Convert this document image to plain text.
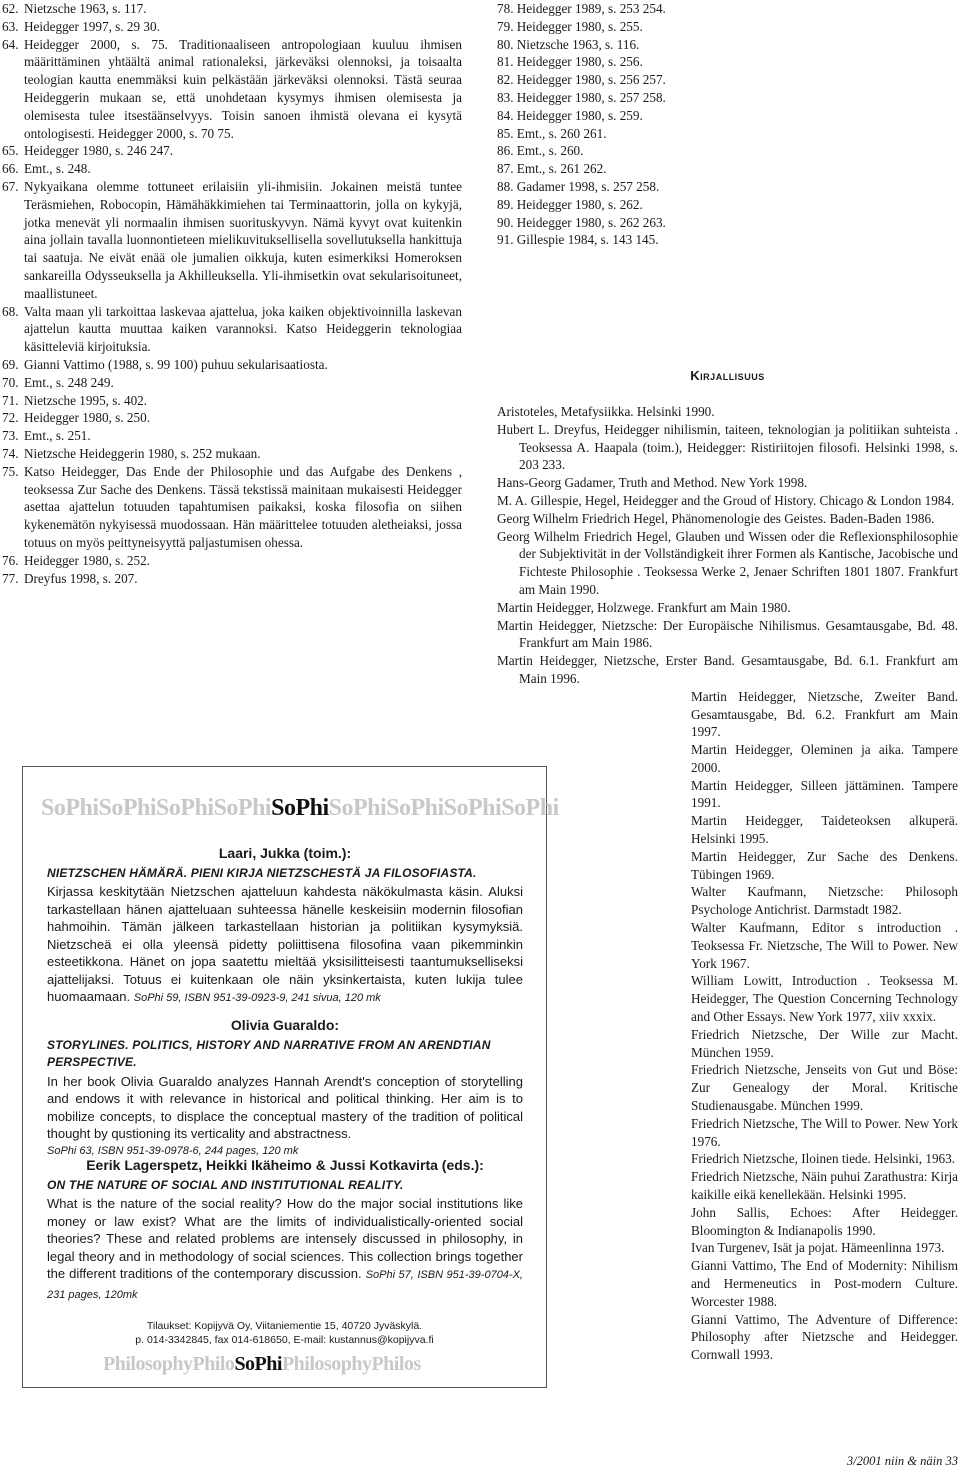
62. Nietzsche 1963, s. 117.

63. Heidegger 1997, s. 29 30.

64. Heidegger 2000, s. 75. Traditionaaliseen antropologiaan kuuluu ihmisen määrittäminen yhtäältä animal rationaleksi, järkeväksi olennoksi, ja toisaalta teologian kautta enemmäksi kuin pelkästään järkeväksi olennoksi. Tästä seuraa Heideggerin mukaan se, että unohdetaan kysymys ihmisen olemisesta ja olemisesta tulee itsestäänselvyys. Toisin sanoen ihmistä olevana ei kysytä ontologisesti. Heidegger 2000, s. 70 75.

65. Heidegger 1980, s. 246 247.

66. Emt., s. 248.

67. Nykyaikana olemme tottuneet erilaisiin yli-ihmisiin. Jokainen meistä tuntee Teräsmiehen, Robocopin, Hämähäkkimiehen tai Terminaattorin, jolla on kykyjä, jotka menevät yli normaalin ihmisen suorituskyvyn. Nämä kyvyt ovat kuitenkin aina jollain tavalla luonnontieteen mielikuvituksellisella sovellutuksella hankittuja tai saatuja. Ne eivät enää ole jumalien oikkuja, kuten esimerkiksi Homeroksen sankareilla Odysseuksella ja Akhilleuksella. Yli-ihmisetkin ovat sekularisoituneet, maallistuneet.

68. Valta maan yli tarkoittaa laskevaa ajattelua, joka kaiken objektivoinnilla laskevan ajattelun kautta muuttaa kaiken varannoksi. Katso Heideggerin teknologiaa käsitteleviä kirjoituksia.

69. Gianni Vattimo (1988, s. 99 100) puhuu sekularisaatiosta.

70. Emt., s. 248 249.

71. Nietzsche 1995, s. 402.

72. Heidegger 1980, s. 250.

73. Emt., s. 251.

74. Nietzsche Heideggerin 1980, s. 252 mukaan.

75. Katso Heidegger, Das Ende der Philosophie und das Aufgabe des Denkens , teoksessa Zur Sache des Denkens. Tässä tekstissä mainitaan mukaisesti Heidegger asettaa ajattelun totuuden tapahtumisen paikaksi, koska filosofia on siihen kykenemätön nykyisessä muodossaan. Hän määrittelee totuuden aletheiaksi, jossa totuus on myös peittyneisyyttä paljastumisen ohessa.

76. Heidegger 1980, s. 252.

77. Dreyfus 1998, s. 207.

78. Heidegger 1989, s. 253 254.

79. Heidegger 1980, s. 255.

80. Nietzsche 1963, s. 116.

81. Heidegger 1980, s. 256.

82. Heidegger 1980, s. 256 257.

83. Heidegger 1980, s. 257 258.

84. Heidegger 1980, s. 259.

85. Emt., s. 260 261.

86. Emt., s. 260.

87. Emt., s. 261 262.

88. Gadamer 1998, s. 257 258.

89. Heidegger 1980, s. 262.

90. Heidegger 1980, s. 262 263.

91. Gillespie 1984, s. 143 145.

Kirjallisuus

Aristoteles, Metafysiikka. Helsinki 1990.

Hubert L. Dreyfus, Heidegger nihilismin, taiteen, teknologian ja politiikan suhteista . Teoksessa A. Haapala (toim.), Heidegger: Ristiriitojen filosofi. Helsinki 1998, s. 203 233.

Hans-Georg Gadamer, Truth and Method. New York 1998.

M. A. Gillespie, Hegel, Heidegger and the Groud of History. Chicago & London 1984.

Georg Wilhelm Friedrich Hegel, Phänomenologie des Geistes. Baden-Baden 1986.

Georg Wilhelm Friedrich Hegel, Glauben und Wissen oder die Reflexionsphilosophie der Subjektivität in der Vollständigkeit ihrer Formen als Kantische, Jacobische und Fichteste Philosophie . Teoksessa Werke 2, Jenaer Schriften 1801 1807. Frankfurt am Main 1990.

Martin Heidegger, Holzwege. Frankfurt am Main 1980.

Martin Heidegger, Nietzsche: Der Europäische Nihilismus. Gesamtausgabe, Bd. 48. Frankfurt am Main 1986.

Martin Heidegger, Nietzsche, Erster Band. Gesamtausgabe, Bd. 6.1. Frankfurt am Main 1996.

Martin Heidegger, Nietzsche, Zweiter Band. Gesamtausgabe, Bd. 6.2. Frankfurt am Main 1997.

Martin Heidegger, Oleminen ja aika. Tampere 2000.

Martin Heidegger, Silleen jättäminen. Tampere 1991.

Martin Heidegger, Taideteoksen alkuperä. Helsinki 1995.

Martin Heidegger, Zur Sache des Denkens. Tübingen 1969.

Walter Kaufmann, Nietzsche: Philosoph Psychologe Antichrist. Darmstadt 1982.

Walter Kaufmann, Editor s introduction . Teoksessa Fr. Nietzsche, The Will to Power. New York 1967.

William Lowitt, Introduction . Teoksessa M. Heidegger, The Question Concerning Technology and Other Essays. New York 1977, xiiv xxxix.

Friedrich Nietzsche, Der Wille zur Macht. München 1959.

Friedrich Nietzsche, Jenseits von Gut und Böse: Zur Genealogy der Moral. Kritische Studienausgabe. München 1999.

Friedrich Nietzsche, The Will to Power. New York 1976.

Friedrich Nietzsche, Iloinen tiede. Helsinki, 1963.

Friedrich Nietzsche, Näin puhui Zarathustra: Kirja kaikille eikä kenellekään. Helsinki 1995.

John Sallis, Echoes: After Heidegger. Bloomington & Indianapolis 1990.

Ivan Turgenev, Isät ja pojat. Hämeenlinna 1973.

Gianni Vattimo, The End of Modernity: Nihilism and Hermeneutics in Post-modern Culture. Worcester 1988.

Gianni Vattimo, The Adventure of Difference: Philosophy after Nietzsche and Heidegger. Cornwall 1993.

SoPhiSoPhiSoPhiSoPhiSoPhiSoPhiSoPhiSoPhiSoPhi

Laari, Jukka (toim.):

NIETZSCHEN HÄMÄRÄ. PIENI KIRJA NIETZSCHESTÄ JA FILOSOFIASTA.

Kirjassa keskitytään Nietzschen ajatteluun kahdesta näkökulmasta käsin. Aluksi tarkastellaan hänen ajatteluaan suhteessa hänelle keskeisiin modernin filosofian hahmoihin. Tämän jälkeen tarkastellaan historian ja politiikan kysymyksiä. Nietzscheä ei olla yleensä pidetty poliittisena filosofina vaan pikemminkin esteetikkona. Hänet on jopa saatettu mieltää yksisilitteisesti taantumukselliseksi ajattelijaksi. Totuus ei kuitenkaan ole näin yksinkertaista, kuten lukija tulee huomaamaan. SoPhi 59, ISBN 951-39-0923-9, 241 sivua, 120 mk

Olivia Guaraldo:

STORYLINES. POLITICS, HISTORY AND NARRATIVE FROM AN ARENDTIAN PERSPECTIVE.

In her book Olivia Guaraldo analyzes Hannah Arendt's conception of storytelling and endows it with relevance in historical and political thinking. Her aim is to mobilize concepts, to displace the conceptual mastery of the tradition of political thought by qustioning its verticality and abstractness.

SoPhi 63, ISBN 951-39-0978-6, 244 pages, 120 mk

Eerik Lagerspetz, Heikki Ikäheimo & Jussi Kotkavirta (eds.):

ON THE NATURE OF SOCIAL AND INSTITUTIONAL REALITY.

What is the nature of the social reality? How do the major social institutions like money or law exist? What are the limits of individualistically-oriented social theories? These and related problems are intensely discussed in philosophy, in legal theory and in methodology of social sciences. This collection brings together the different traditions of the contemporary discussion. SoPhi 57, ISBN 951-39-0704-X, 231 pages, 120mk

Tilaukset: Kopijyvä Oy, Viitaniementie 15, 40720 Jyväskylä.
p. 014-3342845, fax 014-618650, E-mail: kustannus@kopijyva.fi
PhilosophyPhiloSoPhiPhilosophyPhilos
3/2001 niin & näin 33
